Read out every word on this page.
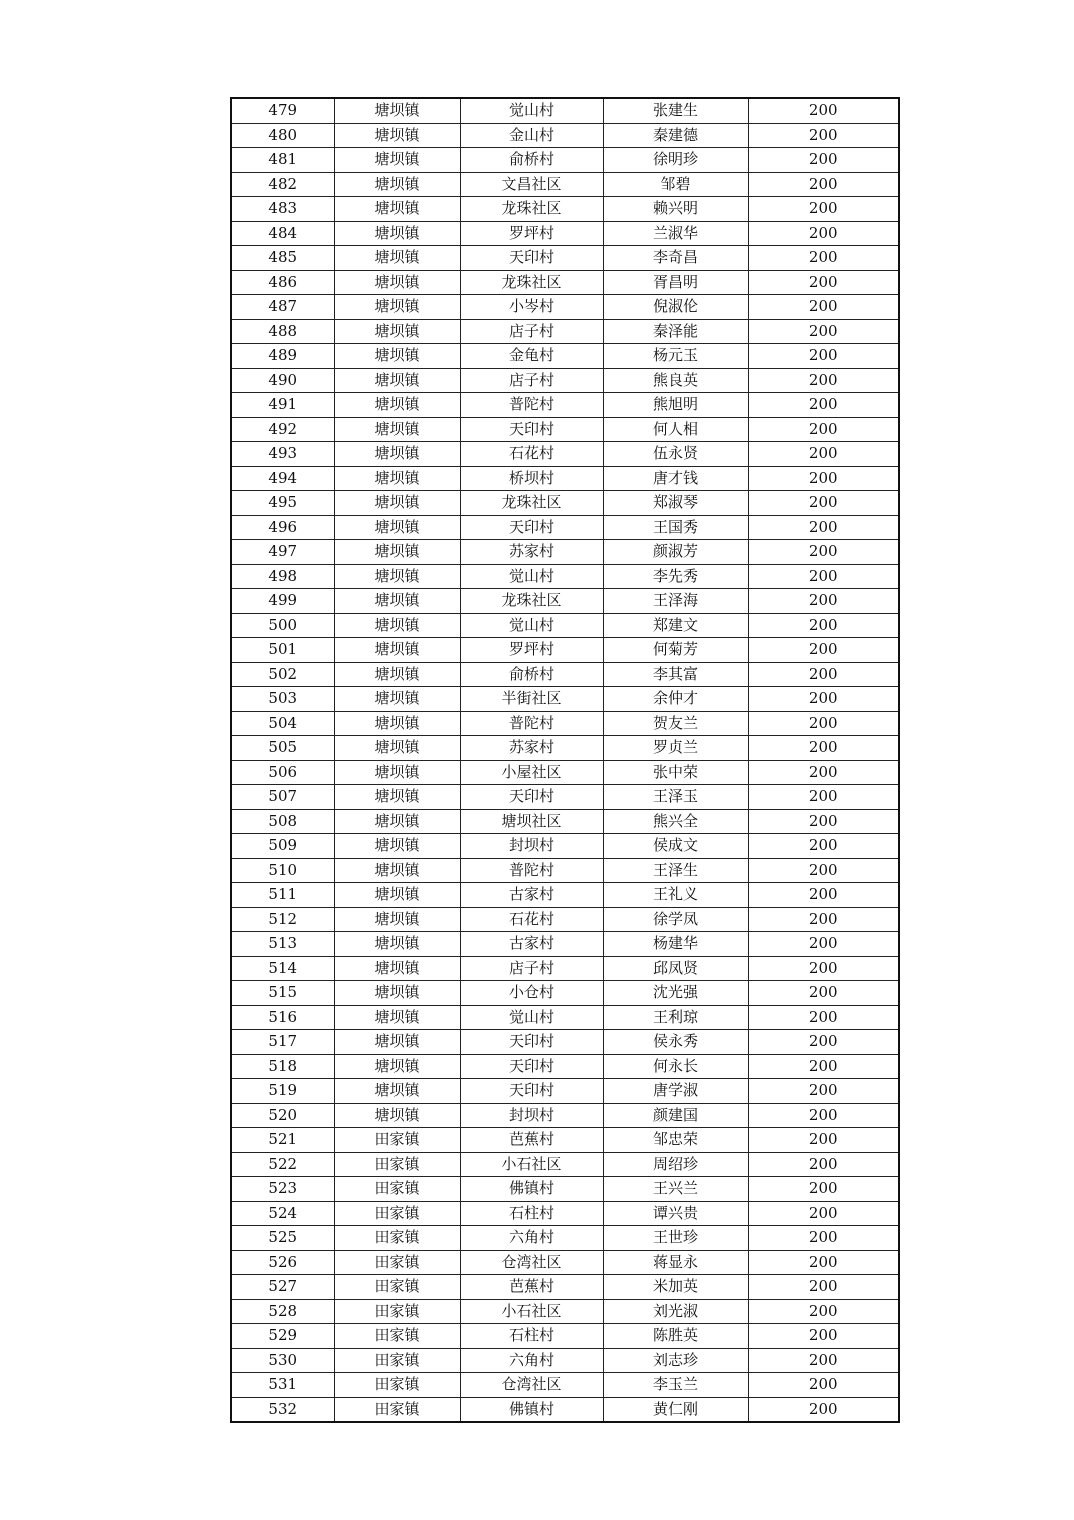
479	塘坝镇	觉山村	张建生	200
480	塘坝镇	金山村	秦建德	200
481	塘坝镇	俞桥村	徐明珍	200
482	塘坝镇	文昌社区	邹碧	200
483	塘坝镇	龙珠社区	赖兴明	200
484	塘坝镇	罗坪村	兰淑华	200
485	塘坝镇	天印村	李奇昌	200
486	塘坝镇	龙珠社区	胥昌明	200
487	塘坝镇	小岑村	倪淑伦	200
488	塘坝镇	店子村	秦泽能	200
489	塘坝镇	金龟村	杨元玉	200
490	塘坝镇	店子村	熊良英	200
491	塘坝镇	普陀村	熊旭明	200
492	塘坝镇	天印村	何人相	200
493	塘坝镇	石花村	伍永贤	200
494	塘坝镇	桥坝村	唐才钱	200
495	塘坝镇	龙珠社区	郑淑琴	200
496	塘坝镇	天印村	王国秀	200
497	塘坝镇	苏家村	颜淑芳	200
498	塘坝镇	觉山村	李先秀	200
499	塘坝镇	龙珠社区	王泽海	200
500	塘坝镇	觉山村	郑建文	200
501	塘坝镇	罗坪村	何菊芳	200
502	塘坝镇	俞桥村	李其富	200
503	塘坝镇	半街社区	余仲才	200
504	塘坝镇	普陀村	贺友兰	200
505	塘坝镇	苏家村	罗贞兰	200
506	塘坝镇	小屋社区	张中荣	200
507	塘坝镇	天印村	王泽玉	200
508	塘坝镇	塘坝社区	熊兴全	200
509	塘坝镇	封坝村	侯成文	200
510	塘坝镇	普陀村	王泽生	200
511	塘坝镇	古家村	王礼义	200
512	塘坝镇	石花村	徐学凤	200
513	塘坝镇	古家村	杨建华	200
514	塘坝镇	店子村	邱凤贤	200
515	塘坝镇	小仓村	沈光强	200
516	塘坝镇	觉山村	王利琼	200
517	塘坝镇	天印村	侯永秀	200
518	塘坝镇	天印村	何永长	200
519	塘坝镇	天印村	唐学淑	200
520	塘坝镇	封坝村	颜建国	200
521	田家镇	芭蕉村	邹忠荣	200
522	田家镇	小石社区	周绍珍	200
523	田家镇	佛镇村	王兴兰	200
524	田家镇	石柱村	谭兴贵	200
525	田家镇	六角村	王世珍	200
526	田家镇	仓湾社区	蒋显永	200
527	田家镇	芭蕉村	米加英	200
528	田家镇	小石社区	刘光淑	200
529	田家镇	石柱村	陈胜英	200
530	田家镇	六角村	刘志珍	200
531	田家镇	仓湾社区	李玉兰	200
532	田家镇	佛镇村	黄仁刚	200
